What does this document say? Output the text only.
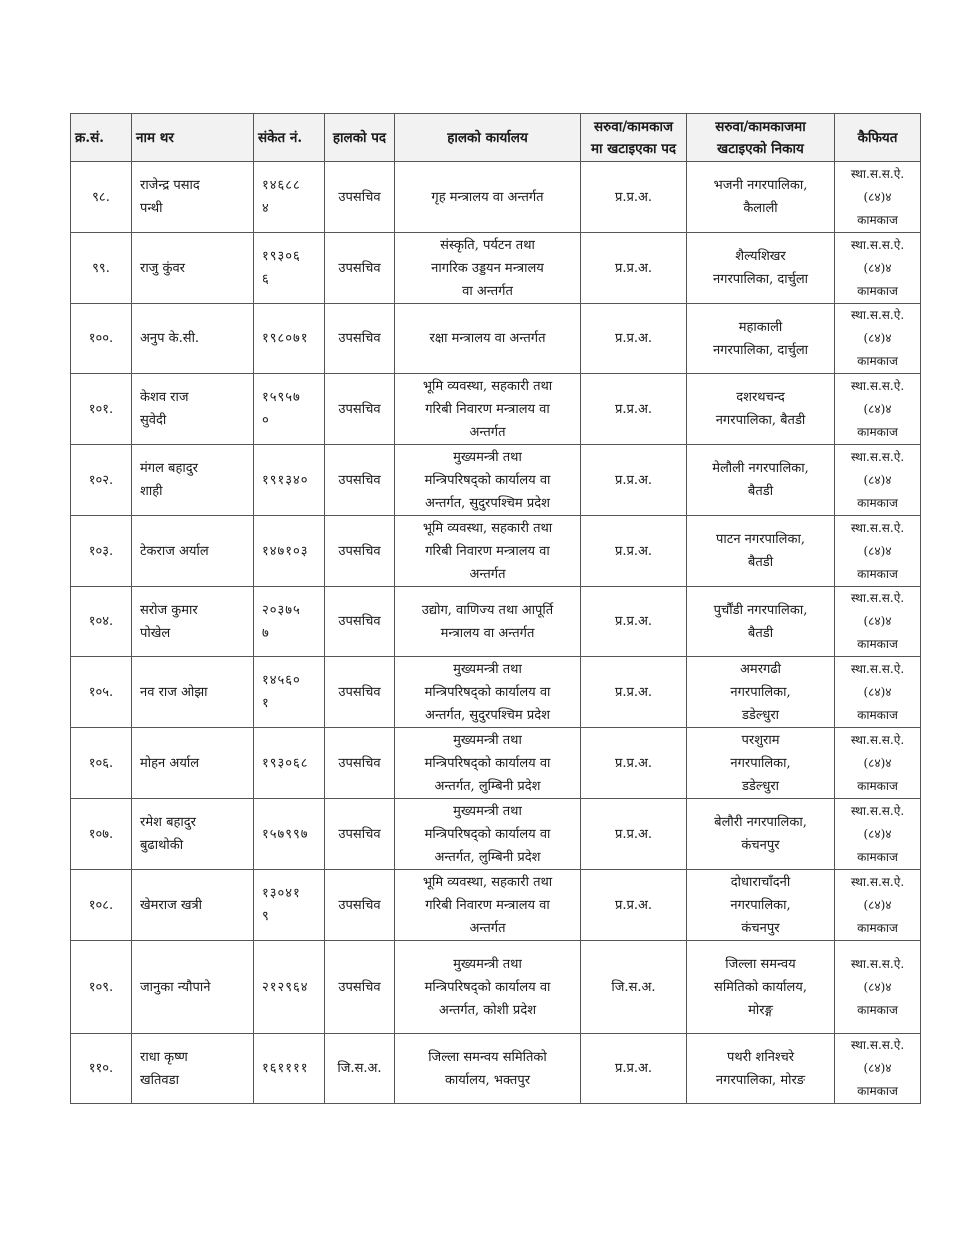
क्र.सं.	नाम थर	संकेत नं.	हालको पद	हालको कार्यालय	सरुवा/कामकाज
मा खटाइएका पद	सरुवा/कामकाजमा
खटाइएको निकाय	कैफियत
९८.	राजेन्द्र पसाद
पन्थी	१४६८८
४	उपसचिव	गृह मन्त्रालय वा अन्तर्गत	प्र.प्र.अ.	भजनी नगरपालिका,
कैलाली	स्था.स.स.ऐ.
(८४)४
कामकाज

९९.	राजु कुंवर	१९३०६
६	उपसचिव	संस्कृति, पर्यटन तथा
नागरिक उड्डयन मन्त्रालय
वा अन्तर्गत	प्र.प्र.अ.	शैल्यशिखर
नगरपालिका, दार्चुला	स्था.स.स.ऐ.
(८४)४
कामकाज

१००.	अनुप के.सी.	१९८०७१	उपसचिव	रक्षा मन्त्रालय वा अन्तर्गत	प्र.प्र.अ.	महाकाली
नगरपालिका, दार्चुला	स्था.स.स.ऐ.
(८४)४
कामकाज

१०१.	केशव राज
सुवेदी	१५९५७
०	उपसचिव	भूमि व्यवस्था, सहकारी तथा
गरिबी निवारण मन्त्रालय वा
अन्तर्गत	प्र.प्र.अ.	दशरथचन्द
नगरपालिका, बैतडी	स्था.स.स.ऐ.
(८४)४
कामकाज

१०२.	मंगल बहादुर
शाही	१९१३४०	उपसचिव	मुख्यमन्त्री तथा
मन्त्रिपरिषद्को कार्यालय वा
अन्तर्गत, सुदुरपश्चिम प्रदेश	प्र.प्र.अ.	मेलौली नगरपालिका,
बैतडी	स्था.स.स.ऐ.
(८४)४
कामकाज

१०३.	टेकराज अर्याल	१४७१०३	उपसचिव	भूमि व्यवस्था, सहकारी तथा
गरिबी निवारण मन्त्रालय वा
अन्तर्गत	प्र.प्र.अ.	पाटन नगरपालिका,
बैतडी	स्था.स.स.ऐ.
(८४)४
कामकाज

१०४.	सरोज कुमार
पोखेल	२०३७५
७	उपसचिव	उद्योग, वाणिज्य तथा आपूर्ति
मन्त्रालय वा अन्तर्गत	प्र.प्र.अ.	पुर्चौंडी नगरपालिका,
बैतडी	स्था.स.स.ऐ.
(८४)४
कामकाज

१०५.	नव राज ओझा	१४५६०
१	उपसचिव	मुख्यमन्त्री तथा
मन्त्रिपरिषद्को कार्यालय वा
अन्तर्गत, सुदुरपश्चिम प्रदेश	प्र.प्र.अ.	अमरगढी
नगरपालिका,
डडेल्धुरा	स्था.स.स.ऐ.
(८४)४
कामकाज

१०६.	मोहन अर्याल	१९३०६८	उपसचिव	मुख्यमन्त्री तथा
मन्त्रिपरिषद्को कार्यालय वा
अन्तर्गत, लुम्बिनी प्रदेश	प्र.प्र.अ.	परशुराम
नगरपालिका,
डडेल्धुरा	स्था.स.स.ऐ.
(८४)४
कामकाज

१०७.	रमेश बहादुर
बुढाथोकी	१५७९९७	उपसचिव	मुख्यमन्त्री तथा
मन्त्रिपरिषद्को कार्यालय वा
अन्तर्गत, लुम्बिनी प्रदेश	प्र.प्र.अ.	बेलौरी नगरपालिका,
कंचनपुर	स्था.स.स.ऐ.
(८४)४
कामकाज

१०८.	खेमराज खत्री	१३०४१
९	उपसचिव	भूमि व्यवस्था, सहकारी तथा
गरिबी निवारण मन्त्रालय वा
अन्तर्गत	प्र.प्र.अ.	दोधाराचाँदनी
नगरपालिका,
कंचनपुर	स्था.स.स.ऐ.
(८४)४
कामकाज

१०९.	जानुका न्यौपाने	२१२९६४	उपसचिव	मुख्यमन्त्री तथा
मन्त्रिपरिषद्को कार्यालय वा
अन्तर्गत, कोशी प्रदेश	जि.स.अ.	जिल्ला समन्वय
समितिको कार्यालय,
मोरङ्ग	स्था.स.स.ऐ.
(८४)४
कामकाज

११०.	राधा कृष्ण
खतिवडा	१६११११	जि.स.अ.	जिल्ला समन्वय समितिको
कार्यालय, भक्तपुर	प्र.प्र.अ.	पथरी शनिश्चरे
नगरपालिका, मोरङ	स्था.स.स.ऐ.
(८४)४
कामकाज
